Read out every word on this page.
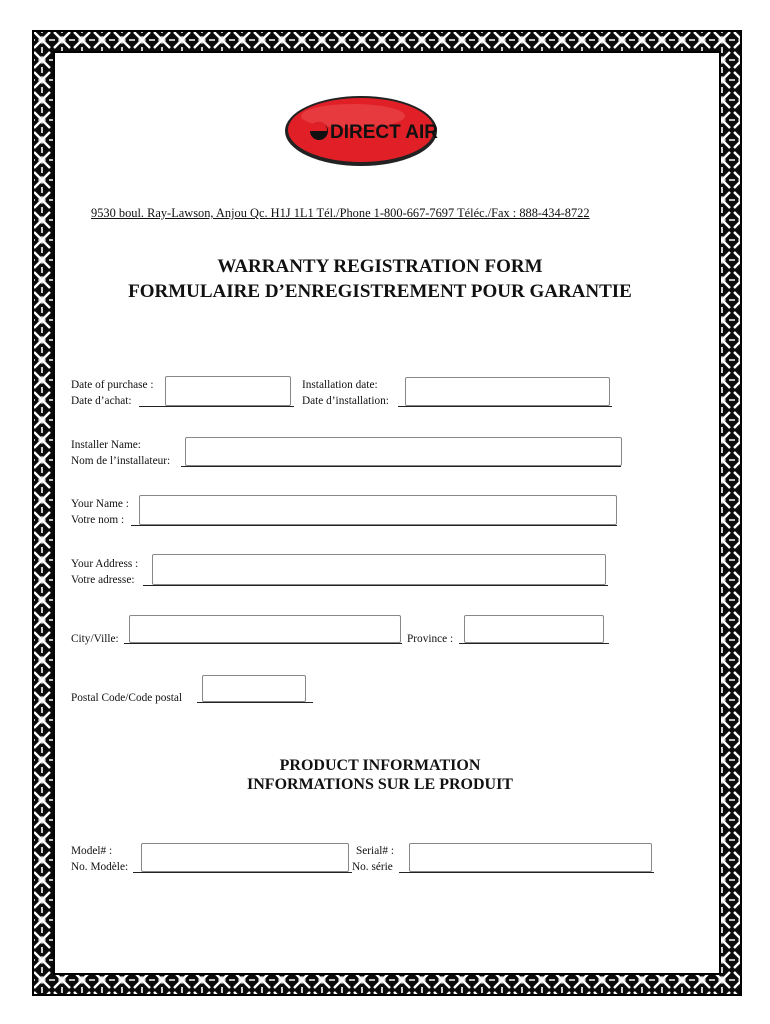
DIRECT AIR
9530 boul. Ray-Lawson, Anjou Qc. H1J 1L1 Tél./Phone 1-800-667-7697 Téléc./Fax : 888-434-8722
WARRANTY REGISTRATION FORM
FORMULAIRE D’ENREGISTREMENT POUR GARANTIE
Date of purchase :
Date d’achat:
Installation date:
Date d’installation:
Installer Name:
Nom de l’installateur:
Your Name :
Votre nom :
Your Address :
Votre adresse:
City/Ville:	Province :
Postal Code/Code postal
PRODUCT INFORMATION
INFORMATIONS SUR LE PRODUIT
Model# :
No. Modèle:
Serial# :
No. série
